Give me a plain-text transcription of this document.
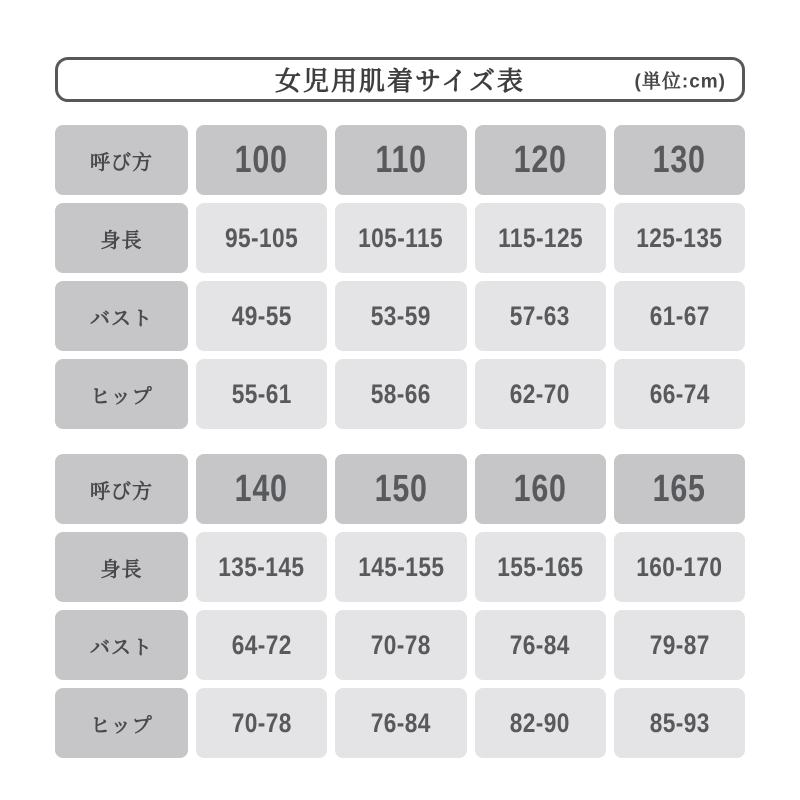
女児用肌着サイズ表	(単位:cm)
呼び方 100 110 120 130
身長	95-105 105-115 115-125 125-135
バスト	49-55	53-59	57-63	61-67
ヒップ	55-61	58-66	62-70	66-74
呼び方 140 150 160 165
身長	135-145 145-155 155-165 160-170
バスト	64-72	70-78	76-84	79-87
ヒップ	70-78	76-84	82-90	85-93
